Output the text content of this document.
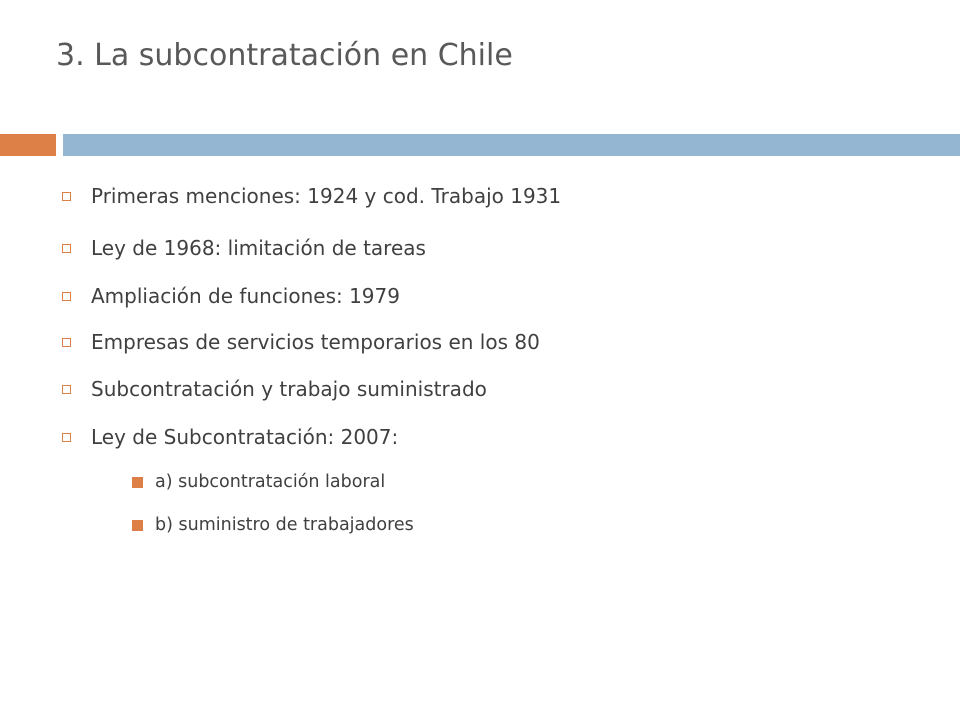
3. La subcontratación en Chile
Primeras menciones: 1924 y cod. Trabajo 1931
Ley de 1968: limitación de tareas
Ampliación de funciones: 1979
Empresas de servicios temporarios en los 80
Subcontratación y trabajo suministrado
Ley de Subcontratación: 2007:
a) subcontratación laboral
b) suministro de trabajadores
